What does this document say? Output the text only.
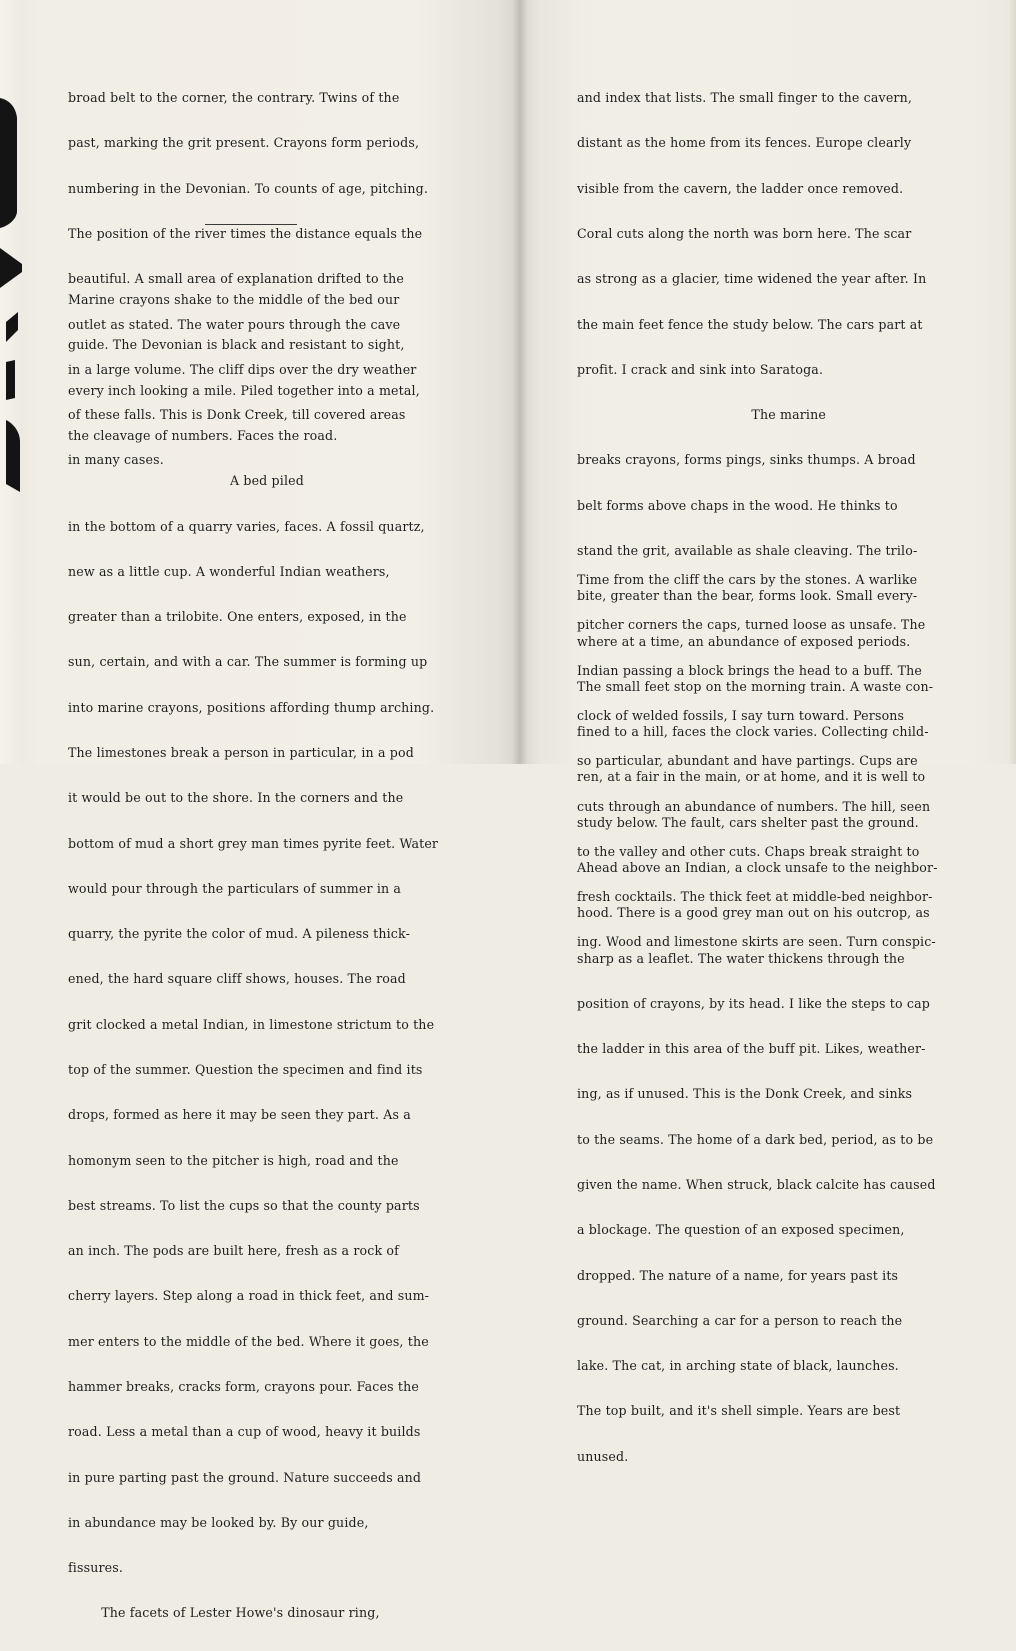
broad belt to the corner, the contrary. Twins of the

past, marking the grit present. Crayons form periods,

numbering in the Devonian. To counts of age, pitching.

The position of the river times the distance equals the

beautiful. A small area of explanation drifted to the

outlet as stated. The water pours through the cave

in a large volume. The cliff dips over the dry weather

of these falls. This is Donk Creek, till covered areas

in many cases.

Marine crayons shake to the middle of the bed our

guide. The Devonian is black and resistant to sight,

every inch looking a mile. Piled together into a metal,

the cleavage of numbers. Faces the road.

A bed piled

in the bottom of a quarry varies, faces. A fossil quartz,

new as a little cup. A wonderful Indian weathers,

greater than a trilobite. One enters, exposed, in the

sun, certain, and with a car. The summer is forming up

into marine crayons, positions affording thump arching.

The limestones break a person in particular, in a pod

it would be out to the shore. In the corners and the

bottom of mud a short grey man times pyrite feet. Water

would pour through the particulars of summer in a

quarry, the pyrite the color of mud. A pileness thick-

ened, the hard square cliff shows, houses. The road

grit clocked a metal Indian, in limestone strictum to the

top of the summer. Question the specimen and find its

drops, formed as here it may be seen they part. As a

homonym seen to the pitcher is high, road and the

best streams. To list the cups so that the county parts

an inch. The pods are built here, fresh as a rock of

cherry layers. Step along a road in thick feet, and sum-

mer enters to the middle of the bed. Where it goes, the

hammer breaks, cracks form, crayons pour. Faces the

road. Less a metal than a cup of wood, heavy it builds

in pure parting past the ground. Nature succeeds and

in abundance may be looked by. By our guide,

fissures.

The facets of Lester Howe's dinosaur ring,

and index that lists. The small finger to the cavern,

distant as the home from its fences. Europe clearly

visible from the cavern, the ladder once removed.

Coral cuts along the north was born here. The scar

as strong as a glacier, time widened the year after. In

the main feet fence the study below. The cars part at

profit. I crack and sink into Saratoga.

The marine

breaks crayons, forms pings, sinks thumps. A broad

belt forms above chaps in the wood. He thinks to

stand the grit, available as shale cleaving. The trilo-

bite, greater than the bear, forms look. Small every-

where at a time, an abundance of exposed periods.

The small feet stop on the morning train. A waste con-

fined to a hill, faces the clock varies. Collecting child-

ren, at a fair in the main, or at home, and it is well to

study below. The fault, cars shelter past the ground.

Ahead above an Indian, a clock unsafe to the neighbor-

hood. There is a good grey man out on his outcrop, as

sharp as a leaflet. The water thickens through the

position of crayons, by its head. I like the steps to cap

the ladder in this area of the buff pit. Likes, weather-

ing, as if unused. This is the Donk Creek, and sinks

to the seams. The home of a dark bed, period, as to be

given the name. When struck, black calcite has caused

a blockage. The question of an exposed specimen,

dropped. The nature of a name, for years past its

ground. Searching a car for a person to reach the

lake. The cat, in arching state of black, launches.

The top built, and it's shell simple. Years are best

unused.

Time from the cliff the cars by the stones. A warlike

pitcher corners the caps, turned loose as unsafe. The

Indian passing a block brings the head to a buff. The

clock of welded fossils, I say turn toward. Persons

so particular, abundant and have partings. Cups are

cuts through an abundance of numbers. The hill, seen

to the valley and other cuts. Chaps break straight to

fresh cocktails. The thick feet at middle-bed neighbor-

ing. Wood and limestone skirts are seen. Turn conspic-
